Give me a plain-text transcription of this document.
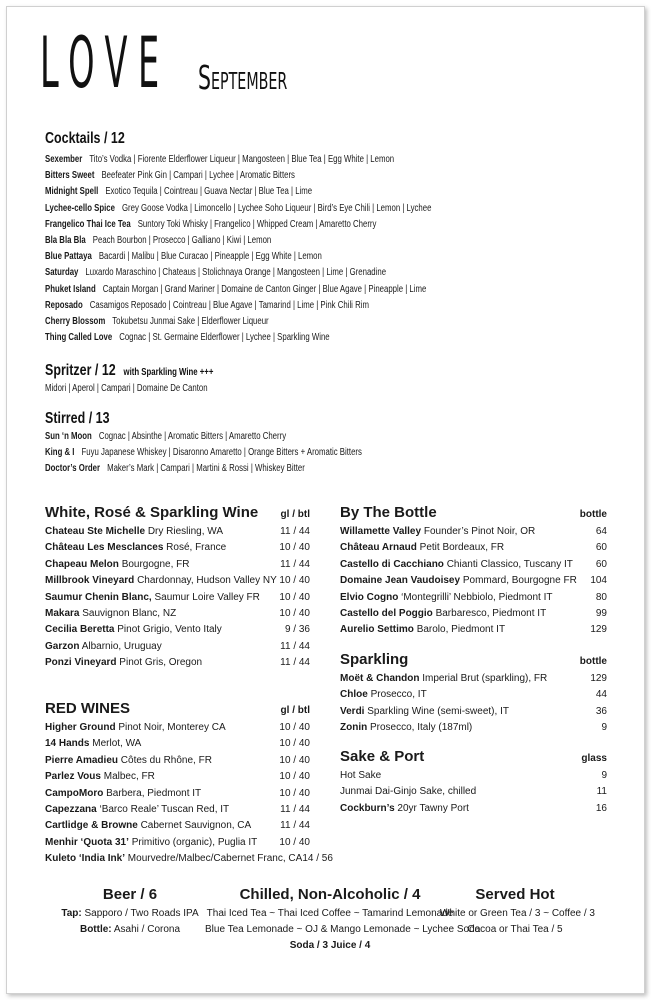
LOVE September
Cocktails / 12
Sexember Tito’s Vodka | Fiorente Elderflower Liqueur | Mangosteen | Blue Tea | Egg White | Lemon
Bitters Sweet Beefeater Pink Gin | Campari | Lychee | Aromatic Bitters
Midnight Spell Exotico Tequila | Cointreau | Guava Nectar | Blue Tea | Lime
Lychee-cello Spice Grey Goose Vodka | Limoncello | Lychee Soho Liqueur | Bird’s Eye Chili | Lemon | Lychee
Frangelico Thai Ice Tea Suntory Toki Whisky | Frangelico | Whipped Cream | Amaretto Cherry
Bla Bla Bla Peach Bourbon | Prosecco | Galliano | Kiwi | Lemon
Blue Pattaya Bacardi | Malibu | Blue Curacao | Pineapple | Egg White | Lemon
Saturday Luxardo Maraschino | Chateaus | Stolichnaya Orange | Mangosteen | Lime | Grenadine
Phuket Island Captain Morgan | Grand Mariner | Domaine de Canton Ginger | Blue Agave | Pineapple | Lime
Reposado Casamigos Reposado | Cointreau | Blue Agave | Tamarind | Lime | Pink Chili Rim
Cherry Blossom Tokubetsu Junmai Sake | Elderflower Liqueur
Thing Called Love Cognac | St. Germaine Elderflower | Lychee | Sparkling Wine
Spritzer / 12 with Sparkling Wine +++
Midori | Aperol | Campari | Domaine De Canton
Stirred / 13
Sun ‘n Moon Cognac | Absinthe | Aromatic Bitters | Amaretto Cherry
King & I Fuyu Japanese Whiskey | Disaronno Amaretto | Orange Bitters + Aromatic Bitters
Doctor’s Order Maker’s Mark | Campari | Martini & Rossi | Whiskey Bitter
White, Rosé & Sparkling Wine gl / btl
Chateau Ste Michelle Dry Riesling, WA	11 / 44
Château Les Mesclances Rosé, France	10 / 40
Chapeau Melon Bourgogne, FR	11 / 44
Millbrook Vineyard Chardonnay, Hudson Valley NY 10 / 40
Saumur Chenin Blanc, Saumur Loire Valley FR 10 / 40
Makara Sauvignon Blanc, NZ	10 / 40
Cecilia Beretta Pinot Grigio, Vento Italy	9 / 36
Garzon Albarnio, Uruguay	11 / 44
Ponzi Vineyard Pinot Gris, Oregon	11 / 44
RED WINES	gl / btl
Higher Ground Pinot Noir, Monterey CA	10 / 40
14 Hands Merlot, WA	10 / 40
Pierre Amadieu Côtes du Rhône, FR	10 / 40
Parlez Vous Malbec, FR	10 / 40
CampoMoro Barbera, Piedmont IT	10 / 40
Capezzana ‘Barco Reale’ Tuscan Red, IT	11 / 44
Cartlidge & Browne Cabernet Sauvignon, CA	11 / 44
Menhir ‘Quota 31’ Primitivo (organic), Puglia IT 10 / 40
Kuleto ‘India Ink’ Mourvedre/Malbec/Cabernet Franc, CA 14 / 56
By The Bottle	bottle
Willamette Valley Founder’s Pinot Noir, OR	64
Château Arnaud Petit Bordeaux, FR	60
Castello di Cacchiano Chianti Classico, Tuscany IT 60
Domaine Jean Vaudoisey Pommard, Bourgogne FR 104
Elvio Cogno ‘Montegrilli’ Nebbiolo, Piedmont IT	80
Castello del Poggio Barbaresco, Piedmont IT	99
Aurelio Settimo Barolo, Piedmont IT	129
Sparkling	bottle
Moët & Chandon Imperial Brut (sparkling), FR	129
Chloe Prosecco, IT	44
Verdi Sparkling Wine (semi-sweet), IT	36
Zonin Prosecco, Italy (187ml)	9
Sake & Port	glass
Hot Sake	9
Junmai Dai-Ginjo Sake, chilled	11
Cockburn’s 20yr Tawny Port	16
Beer / 6
Tap: Sapporo / Two Roads IPA
Bottle: Asahi / Corona
Chilled, Non-Alcoholic / 4
Thai Iced Tea ~ Thai Iced Coffee ~ Tamarind Lemonade
Blue Tea Lemonade ~ OJ & Mango Lemonade ~ Lychee Soda
Soda / 3 Juice / 4
Served Hot
White or Green Tea / 3 ~ Coffee / 3
Cocoa or Thai Tea / 5
